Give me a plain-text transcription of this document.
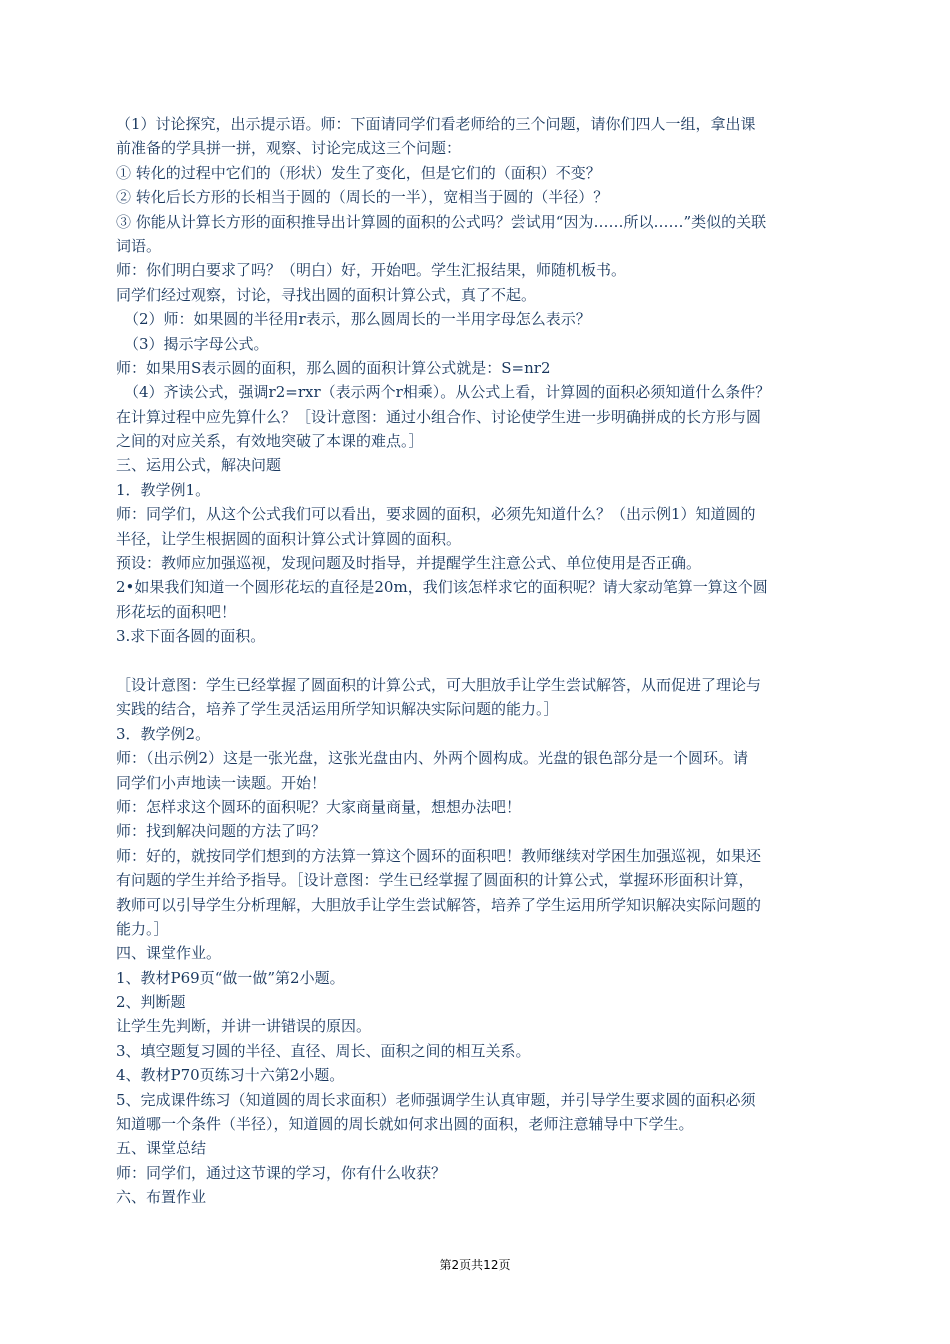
（1）讨论探究，出示提示语。师：下面请同学们看老师给的三个问题，请你们四人一组，拿出课
前准备的学具拼一拼，观察、讨论完成这三个问题：
① 转化的过程中它们的（形状）发生了变化，但是它们的（面积）不变？
② 转化后长方形的长相当于圆的（周长的一半），宽相当于圆的（半径）？
③ 你能从计算长方形的面积推导出计算圆的面积的公式吗？尝试用“因为……所以……”类似的关联
词语。
师：你们明白要求了吗？（明白）好，开始吧。学生汇报结果，师随机板书。
同学们经过观察，讨论，寻找出圆的面积计算公式，真了不起。
（2）师：如果圆的半径用r表示，那么圆周长的一半用字母怎么表示？
（3）揭示字母公式。
师：如果用S表示圆的面积，那么圆的面积计算公式就是：S=nr2
（4）齐读公式，强调r2=rxr（表示两个r相乘）。从公式上看，计算圆的面积必须知道什么条件？
在计算过程中应先算什么？［设计意图：通过小组合作、讨论使学生进一步明确拼成的长方形与圆
之间的对应关系，有效地突破了本课的难点。］
三、运用公式，解决问题
1．教学例1。
师：同学们，从这个公式我们可以看出，要求圆的面积，必须先知道什么？（出示例1）知道圆的
半径，让学生根据圆的面积计算公式计算圆的面积。
预设：教师应加强巡视，发现问题及时指导，并提醒学生注意公式、单位使用是否正确。
2•如果我们知道一个圆形花坛的直径是20m，我们该怎样求它的面积呢？请大家动笔算一算这个圆
形花坛的面积吧！
3.求下面各圆的面积。
［设计意图：学生已经掌握了圆面积的计算公式，可大胆放手让学生尝试解答，从而促进了理论与
实践的结合，培养了学生灵活运用所学知识解决实际问题的能力。］
3．教学例2。
师：（出示例2）这是一张光盘，这张光盘由内、外两个圆构成。光盘的银色部分是一个圆环。请
同学们小声地读一读题。开始！
师：怎样求这个圆环的面积呢？大家商量商量，想想办法吧！
师：找到解决问题的方法了吗？
师：好的，就按同学们想到的方法算一算这个圆环的面积吧！教师继续对学困生加强巡视，如果还
有问题的学生并给予指导。［设计意图：学生已经掌握了圆面积的计算公式，掌握环形面积计算，
教师可以引导学生分析理解，大胆放手让学生尝试解答，培养了学生运用所学知识解决实际问题的
能力。］
四、课堂作业。
1、教材P69页“做一做”第2小题。
2、判断题
让学生先判断，并讲一讲错误的原因。
3、填空题复习圆的半径、直径、周长、面积之间的相互关系。
4、教材P70页练习十六第2小题。
5、完成课件练习（知道圆的周长求面积）老师强调学生认真审题，并引导学生要求圆的面积必须
知道哪一个条件（半径），知道圆的周长就如何求出圆的面积，老师注意辅导中下学生。
五、课堂总结
师：同学们，通过这节课的学习，你有什么收获？
六、布置作业
第2页共12页
